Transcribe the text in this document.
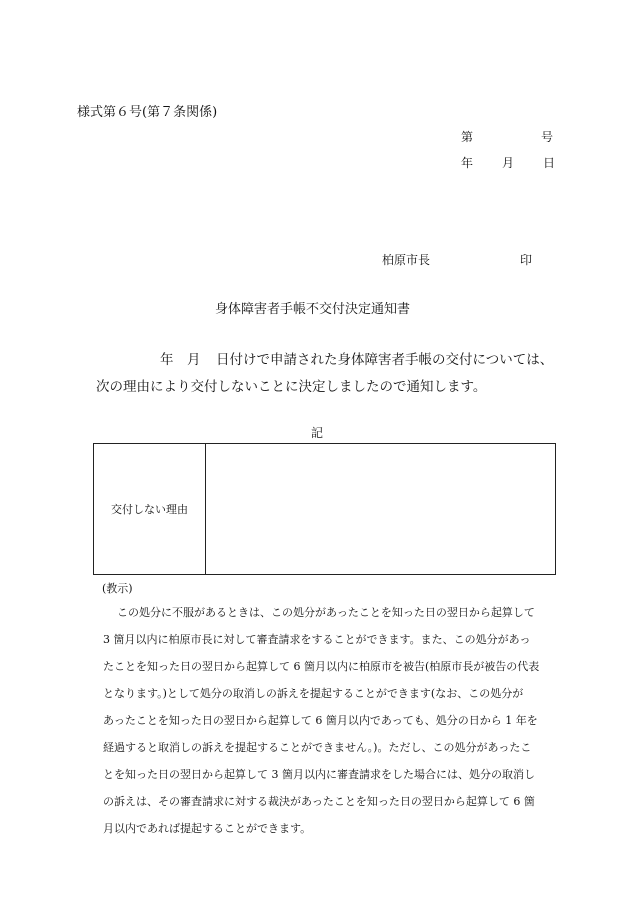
様式第６号(第７条関係)
第	号
年 月 日
柏原市長	印
身体障害者手帳不交付決定通知書
年 月 日付けで申請された身体障害者手帳の交付については、
次の理由により交付しないことに決定しましたので通知します。
記
交付しない理由
(教示)
この処分に不服があるときは、この処分があったことを知った日の翌日から起算して
3 箇月以内に柏原市長に対して審査請求をすることができます。また、この処分があっ
たことを知った日の翌日から起算して 6 箇月以内に柏原市を被告(柏原市長が被告の代表
となります。)として処分の取消しの訴えを提起することができます(なお、この処分が
あったことを知った日の翌日から起算して 6 箇月以内であっても、処分の日から 1 年を
経過すると取消しの訴えを提起することができません。)。ただし、この処分があったこ
とを知った日の翌日から起算して 3 箇月以内に審査請求をした場合には、処分の取消し
の訴えは、その審査請求に対する裁決があったことを知った日の翌日から起算して 6 箇
月以内であれば提起することができます。
